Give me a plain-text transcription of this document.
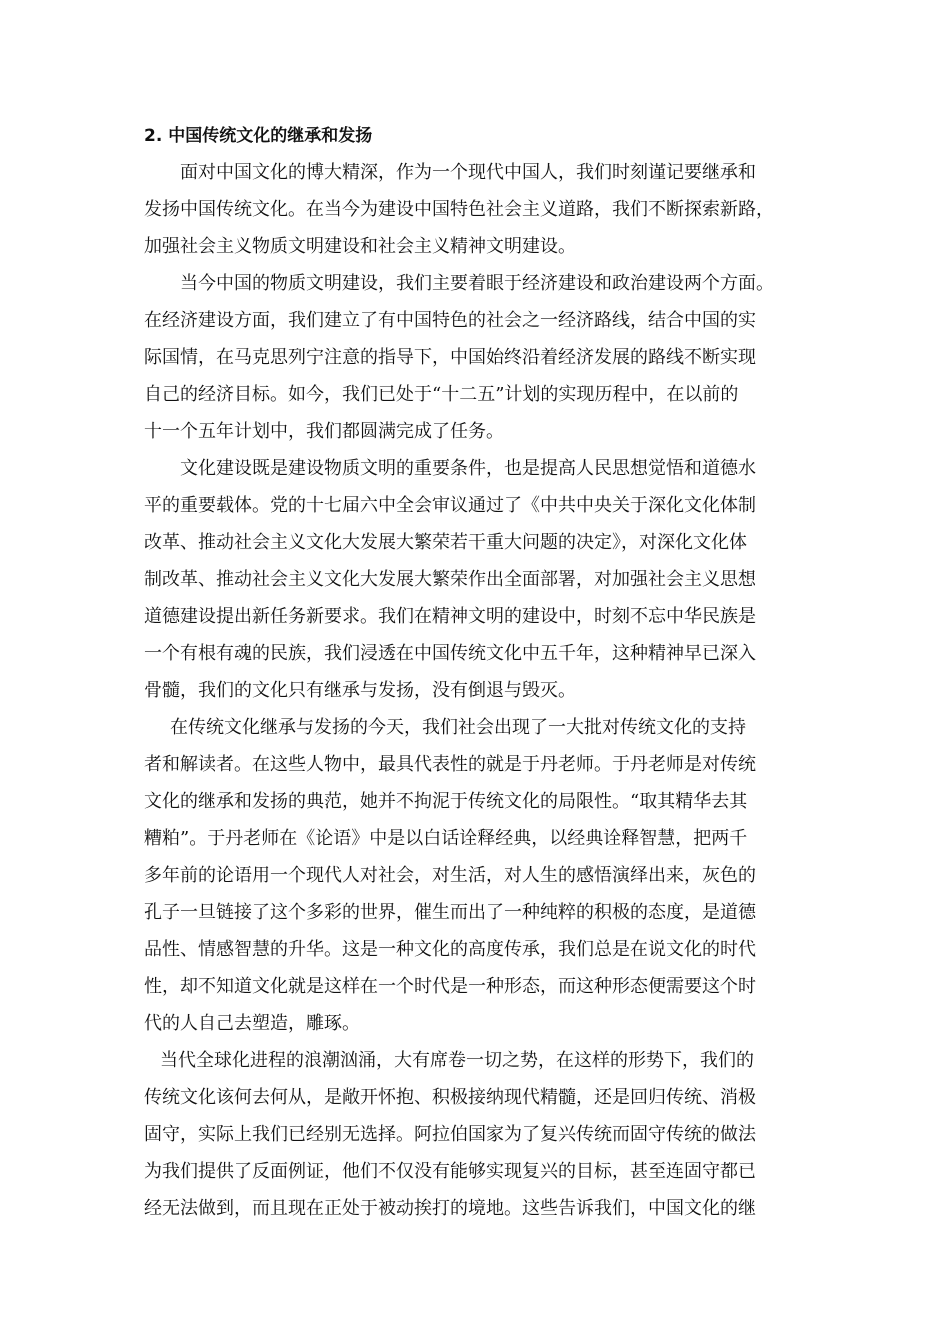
2. 中国传统文化的继承和发扬
面对中国文化的博大精深，作为一个现代中国人，我们时刻谨记要继承和
发扬中国传统文化。在当今为建设中国特色社会主义道路，我们不断探索新路，
加强社会主义物质文明建设和社会主义精神文明建设。
当今中国的物质文明建设，我们主要着眼于经济建设和政治建设两个方面。
在经济建设方面，我们建立了有中国特色的社会之一经济路线，结合中国的实
际国情，在马克思列宁注意的指导下，中国始终沿着经济发展的路线不断实现
自己的经济目标。如今，我们已处于“十二五”计划的实现历程中，在以前的
十一个五年计划中，我们都圆满完成了任务。
文化建设既是建设物质文明的重要条件，也是提高人民思想觉悟和道德水
平的重要载体。党的十七届六中全会审议通过了《中共中央关于深化文化体制
改革、推动社会主义文化大发展大繁荣若干重大问题的决定》，对深化文化体
制改革、推动社会主义文化大发展大繁荣作出全面部署，对加强社会主义思想
道德建设提出新任务新要求。我们在精神文明的建设中，时刻不忘中华民族是
一个有根有魂的民族，我们浸透在中国传统文化中五千年，这种精神早已深入
骨髓，我们的文化只有继承与发扬，没有倒退与毁灭。
在传统文化继承与发扬的今天，我们社会出现了一大批对传统文化的支持
者和解读者。在这些人物中，最具代表性的就是于丹老师。于丹老师是对传统
文化的继承和发扬的典范，她并不拘泥于传统文化的局限性。“取其精华去其
糟粕”。于丹老师在《论语》中是以白话诠释经典，以经典诠释智慧，把两千
多年前的论语用一个现代人对社会，对生活，对人生的感悟演绎出来，灰色的
孔子一旦链接了这个多彩的世界，催生而出了一种纯粹的积极的态度，是道德
品性、情感智慧的升华。这是一种文化的高度传承，我们总是在说文化的时代
性，却不知道文化就是这样在一个时代是一种形态，而这种形态便需要这个时
代的人自己去塑造，雕琢。
当代全球化进程的浪潮汹涌，大有席卷一切之势，在这样的形势下，我们的
传统文化该何去何从，是敞开怀抱、积极接纳现代精髓，还是回归传统、消极
固守，实际上我们已经别无选择。阿拉伯国家为了复兴传统而固守传统的做法
为我们提供了反面例证，他们不仅没有能够实现复兴的目标，甚至连固守都已
经无法做到，而且现在正处于被动挨打的境地。这些告诉我们，中国文化的继
